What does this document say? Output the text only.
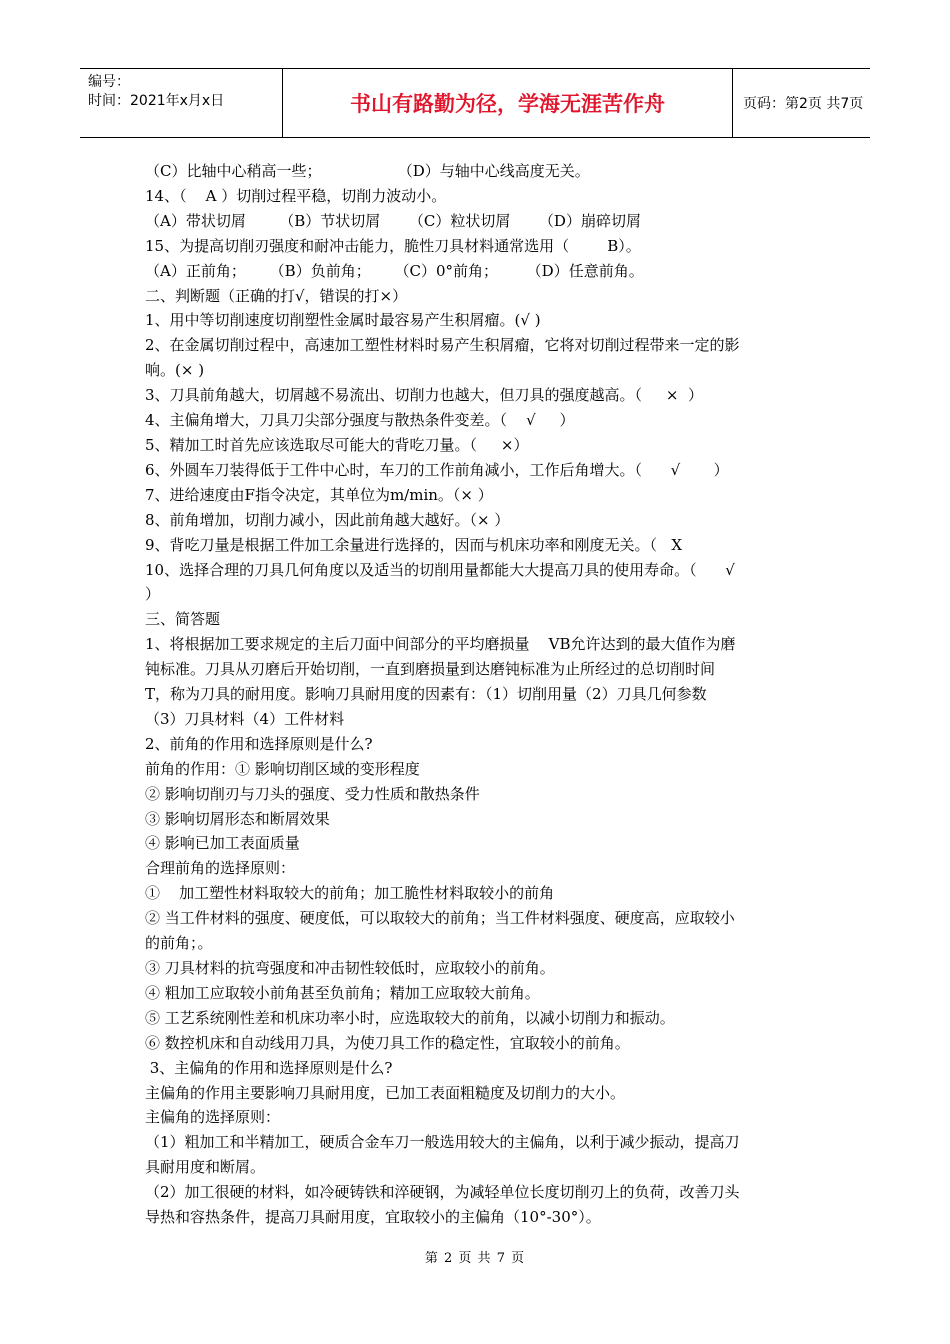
编号：
时间：2021年x月x日	书山有路勤为径，学海无涯苦作舟	页码：第2页 共7页
（C）比轴中心稍高一些；                （D）与轴中心线高度无关。
14、（    A ）切削过程平稳，切削力波动小。
（A）带状切屑       （B）节状切屑      （C）粒状切屑      （D）崩碎切屑
15、为提高切削刃强度和耐冲击能力，脆性刀具材料通常选用（        B）。
（A）正前角；     （B）负前角；     （C）0°前角；      （D）任意前角。
二、判断题（正确的打√，错误的打×）
1、用中等切削速度切削塑性金属时最容易产生积屑瘤。(√ )
2、在金属切削过程中，高速加工塑性材料时易产生积屑瘤，它将对切削过程带来一定的影
响。(× )
3、刀具前角越大，切屑越不易流出、切削力也越大，但刀具的强度越高。（     ×  ）
4、主偏角增大，刀具刀尖部分强度与散热条件变差。（    √     ）
5、精加工时首先应该选取尽可能大的背吃刀量。（     ×）
6、外圆车刀装得低于工件中心时，车刀的工作前角减小，工作后角增大。（      √       ）
7、进给速度由F指令决定，其单位为m/min。（× ）
8、前角增加，切削力减小，因此前角越大越好。（× ）
9、背吃刀量是根据工件加工余量进行选择的，因而与机床功率和刚度无关。（   X
10、选择合理的刀具几何角度以及适当的切削用量都能大大提高刀具的使用寿命。（      √
）
三、简答题
1、将根据加工要求规定的主后刀面中间部分的平均磨损量    VB允许达到的最大值作为磨
钝标准。刀具从刃磨后开始切削，一直到磨损量到达磨钝标准为止所经过的总切削时间
T，称为刀具的耐用度。影响刀具耐用度的因素有：（1）切削用量（2）刀具几何参数
（3）刀具材料（4）工件材料
2、前角的作用和选择原则是什么?
前角的作用：① 影响切削区域的变形程度
② 影响切削刃与刀头的强度、受力性质和散热条件
③ 影响切屑形态和断屑效果
④ 影响已加工表面质量
合理前角的选择原则：
①    加工塑性材料取较大的前角；加工脆性材料取较小的前角
② 当工件材料的强度、硬度低，可以取较大的前角；当工件材料强度、硬度高，应取较小
的前角；。
③ 刀具材料的抗弯强度和冲击韧性较低时，应取较小的前角。
④ 粗加工应取较小前角甚至负前角；精加工应取较大前角。
⑤ 工艺系统刚性差和机床功率小时，应选取较大的前角，以减小切削力和振动。
⑥ 数控机床和自动线用刀具，为使刀具工作的稳定性，宜取较小的前角。
3、主偏角的作用和选择原则是什么?
主偏角的作用主要影响刀具耐用度，已加工表面粗糙度及切削力的大小。
主偏角的选择原则：
（1）粗加工和半精加工，硬质合金车刀一般选用较大的主偏角，以利于减少振动，提高刀
具耐用度和断屑。
（2）加工很硬的材料，如冷硬铸铁和淬硬钢，为减轻单位长度切削刃上的负荷，改善刀头
导热和容热条件，提高刀具耐用度，宜取较小的主偏角（10°-30°）。
第 2 页 共 7 页
